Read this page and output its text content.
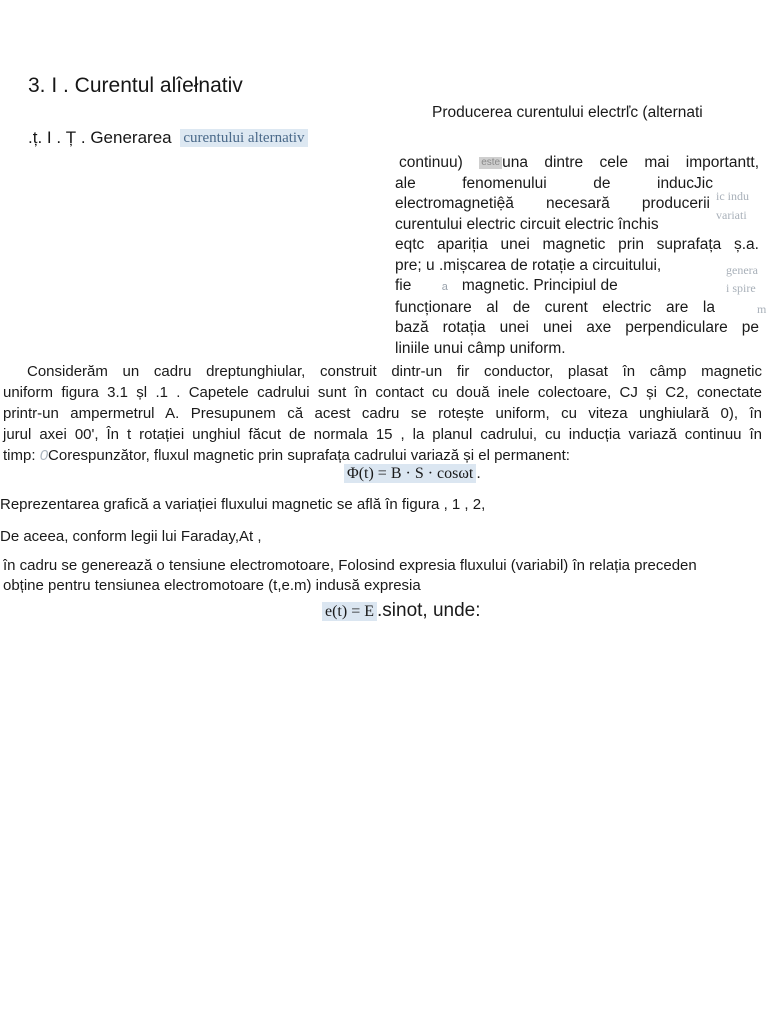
3. I . Curentul alîełnativ
.ț. I . Ț . Generarea curentului alternativ
Producerea curentului electrľc (alternati

continuu) este una dintre cele mai importantt,

ale fenomenului de inducJic

electromagnetiệă necesară producerii

curentului electric circuit electric închis

eqtc apariția unei magnetic prin suprafața ș.a.

pre; u .mișcarea de rotație a circuitului,

fie	a magnetic. Principiul de

funcționare al de curent electric are la

bază rotația unei unei axe perpendiculare pe

liniile unui câmp uniform.

ic indu
variati
genera
i spire
m

Considerăm un cadru dreptunghiular, construit dintr-un fir conductor, plasat în câmp magnetic

uniform figura 3.1 șl .1 . Capetele cadrului sunt în contact cu două inele colectoare, CJ și C2, conectate

printr-un ampermetrul A. Presupunem că acest cadru se rotește uniform, cu viteza unghiulară 0), în

jurul axei 00', În t rotației unghiul făcut de normala 15 , la planul cadrului, cu inducția variază continuu în

timp: 0Corespunzător, fluxul magnetic prin suprafața cadrului variază și el permanent:

Φ(t) = B · S · cosωt .
Reprezentarea grafică a variației fluxului magnetic se află în figura , 1 , 2,
De aceea, conform legii lui Faraday,At ,

în cadru se generează o tensiune electromotoare, Folosind expresia fluxului (variabil) în relația preceden

obține pentru tensiunea electromotoare (t,e.m) indusă expresia

e(t) = E .sinot, unde:
